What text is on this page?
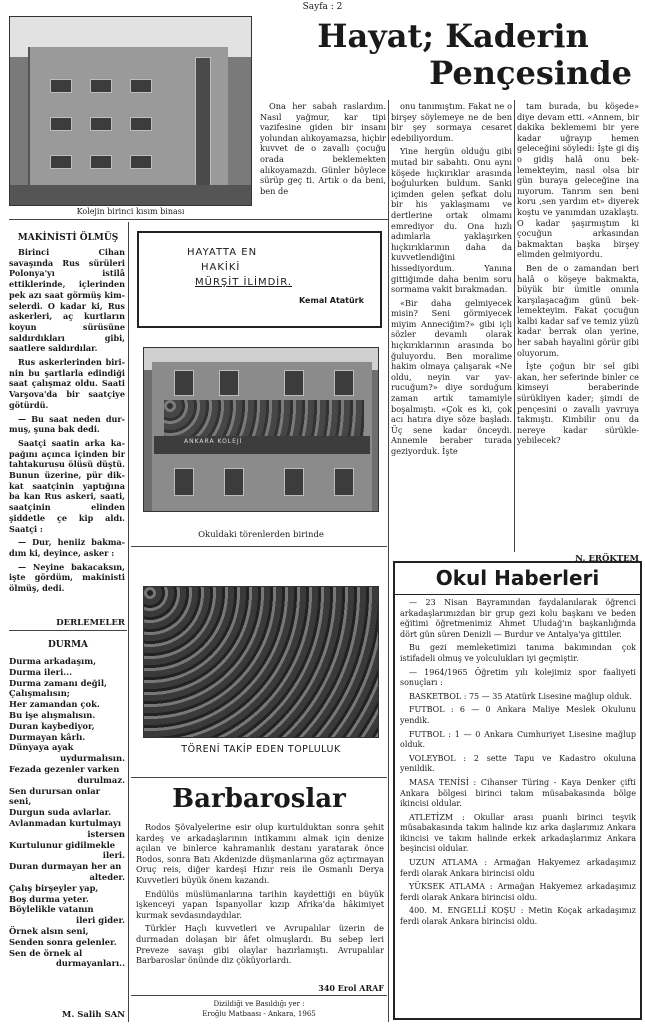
Sayfa : 2
Kolejin birinci kısım binası
Hayat; Kaderin
Pençesinde

Ona her sabah raslardım. Nasıl yağmur, kar tipi vazifesine giden bir insanı yolundan alıkoyamazsa, hiçbir kuvvet de o zavallı çocuğu orada beklemekten alıkoyamazdı. Günler böylece sürüp geç ti. Artık o da beni, ben de

onu tanımıştım. Fakat ne o birşey söylemeye ne de ben bir şey sormaya cesaret edebiliyordum.

Yine hergün olduğu gibi mutad bir sabahtı. Onu aynı köşede hıçkırıklar arasında boğulurken buldum. Sanki içimden gelen şefkat dolu bir his yaklaşmamı ve dertlerine ortak olmamı emrediyor du. Ona hızlı adımlarla yaklaşırken hıçkırıklarının daha da kuvvetlendiğini hissediyordum. Yanına gittiğimde daha benim soru sormama vakit bırakmadan.

«Bir daha gelmiyecek misin? Seni görmiyecek miyim Anneciğim?» gibi içli sözler devamlı olarak hıçkırıklarının arasında bo ğuluyordu. Ben moralime hakim olmaya çalışarak «Ne oldu, neyin var yavrucuğum?» diye sorduğum zaman artık tamamiyle boşalmıştı. «Çok es ki, çok acı hatıra diye söze başladı. Üç sene kadar önceydi. Annemle beraber turada geziyorduk. İşte

tam burada, bu köşede» diye devam etti. «Annem, bir dakika beklememi bir yere kadar uğrayıp hemen geleceğini söyledi: İşte gi diş o gidiş halâ onu beklemekteyim, nasıl olsa bir gün buraya geleceğine ina nıyorum. Tanrım sen beni koru ,sen yardım et» diyerek koştu ve yanımdan uzaklaştı. O kadar şaşırmıştım ki çocuğun arkasından bakmaktan başka birşey elimden gelmiyordu.

Ben de o zamandan beri halâ o köşeye bakmakta, büyük bir ümitle onunla karşılaşacağım günü beklemekteyim. Fakat çocuğun kalbi kadar saf ve temiz yüzü kadar berrak olan yerine, her sabah hayalini görür gibi oluyorum.

İşte çoğun bir sel gibi akan, her seferinde binler ce kimseyi beraberinde sürükliyen kader; şimdi de pençesini o zavallı yavruya takmıştı. Kimbilir onu da nereye kadar sürükleyebilecek?

N. ERÖKTEM
MAKİNİSTİ ÖLMÜŞ

Birinci Cihan savaşında Rus sürüleri Polonya'yı istilâ ettiklerinde, içlerinden pek azı saat görmüş kimselerdi. O kadar ki, Rus askerleri, aç kurtların koyun sürüsüne saldırdıkları gibi, saatlere saldırdılar.

Rus askerlerinden birinin bu şartlarla edindiği saat çalışmaz oldu. Saati Varşova'da bir saatçiye götürdü.

— Bu saat neden durmuş, şuna bak dedi.

Saatçi saatin arka kapağını açınca içinden bir tahtakurusu ölüsü düştü. Bunun üzerine, pür dikkat saatçinin yaptığına ba kan Rus askeri, saati, saatçinin elinden şiddetle çe kip aldı. Saatçi :

— Dur, heniiz bakmadım ki, deyince, asker :

— Neyine bakacaksın, işte gördüm, makinisti ölmüş, dedi.

DERLEMELER
DURMA
Durma arkadaşım,
Durma ileri...
Durma zamanı değil,
Çalışmalısın;
Her zamandan çok.
Bu işe alışmalısın.
Duran kaybediyor,
Durmayan kârlı.
Dünyaya ayak
uydurmalısın.
Fezada gezenler varken
durulmaz.
Sen durursan onlar seni,
Durgun suda avlarlar.
Avlanmadan kurtulmayı
istersen
Kurtulunur gidilmekle
ileri.
Duran durmayan her an
alteder.
Çalış birşeyler yap,
Boş durma yeter.
Böylelikle vatanın
ileri gider.
Örnek alsın seni,
Senden sonra gelenler.
Sen de örnek al
durmayanları..
M. Salih SAN
HAYATTA EN
HAKİKİ
MÜRŞİT İLİMDİR.
Kemal Atatürk
ANKARA KOLEJİ
Okuldaki törenlerden birinde
TÖRENİ TAKİP EDEN TOPLULUK
Barbaroslar

Rodos Şövalyelerine esir olup kurtulduktan sonra şehit kardeş ve arkadaşlarının intikamını almak için denize açılan ve binlerce kahramanlık destanı yaratarak önce Rodos, sonra Batı Akdenizde düşmanlarına göz açtırmayan Oruç reis, diğer kardeşi Hızır reis ile Osmanlı Derya Kuvvetleri büyük önem kazandı.

Endülüs müslümanlarına tarihin kaydettiği en büyük işkenceyi yapan İspanyollar kızıp Afrika'da hâkimiyet kurmak sevdasındaydılar.

Türkler Haçlı kuvvetleri ve Avrupalılar üzerin de durmadan dolaşan bir âfet olmuşlardı. Bu sebep leri Preveze savaşı gibi olaylar hazırlamıştı. Avrupalılar Barbaroslar önünde diz çöküyorlardı.

340 Erol ARAF
Dizildiği ve Basıldığı yer :
Eroğlu Matbaası - Ankara, 1965
Okul Haberleri

— 23 Nisan Bayramından faydalanılarak öğrenci arkadaşlarımızdan bir grup gezi kolu başkanı ve beden eğitimi öğretmenimiz Ahmet Uludağ'ın başkanlığında dört gün süren Denizli — Burdur ve Antalya'ya gittiler.

Bu gezi memleketimizi tanıma bakımından çok istifadeli olmuş ve yolculukları iyi geçmiştir.

— 1964/1965 Öğretim yılı kolejimiz spor faaliyeti sonuçları :

BASKETBOL : 75 — 35 Atatürk Lisesine mağlup olduk.

FUTBOL : 6 — 0 Ankara Maliye Meslek Okulunu yendik.

FUTBOL : 1 — 0 Ankara Cumhuriyet Lisesine mağlup olduk.

VOLEYBOL : 2 sette Tapu ve Kadastro okuluna yenildik.

MASA TENİSİ : Cihanser Türing - Kaya Denker çifti Ankara bölgesi birinci takım müsabakasında bölge ikincisi oldular.

ATLETİZM : Okullar arası puanlı birinci teşvik müsabakasında takım halinde kız arka daşlarımız Ankara ikincisi ve takım halinde erkek arkadaşlarımız Ankara beşincisi oldular.

UZUN ATLAMA : Armağan Hakyemez arkadaşımız ferdi olarak Ankara birincisi oldu

YÜKSEK ATLAMA : Armağan Hakyemez arkadaşımız ferdi olarak Ankara birincisi oldu.

400. M. ENGELLİ KOŞU : Metin Koçak arkadaşımız ferdi olarak Ankara birincisi oldu.
